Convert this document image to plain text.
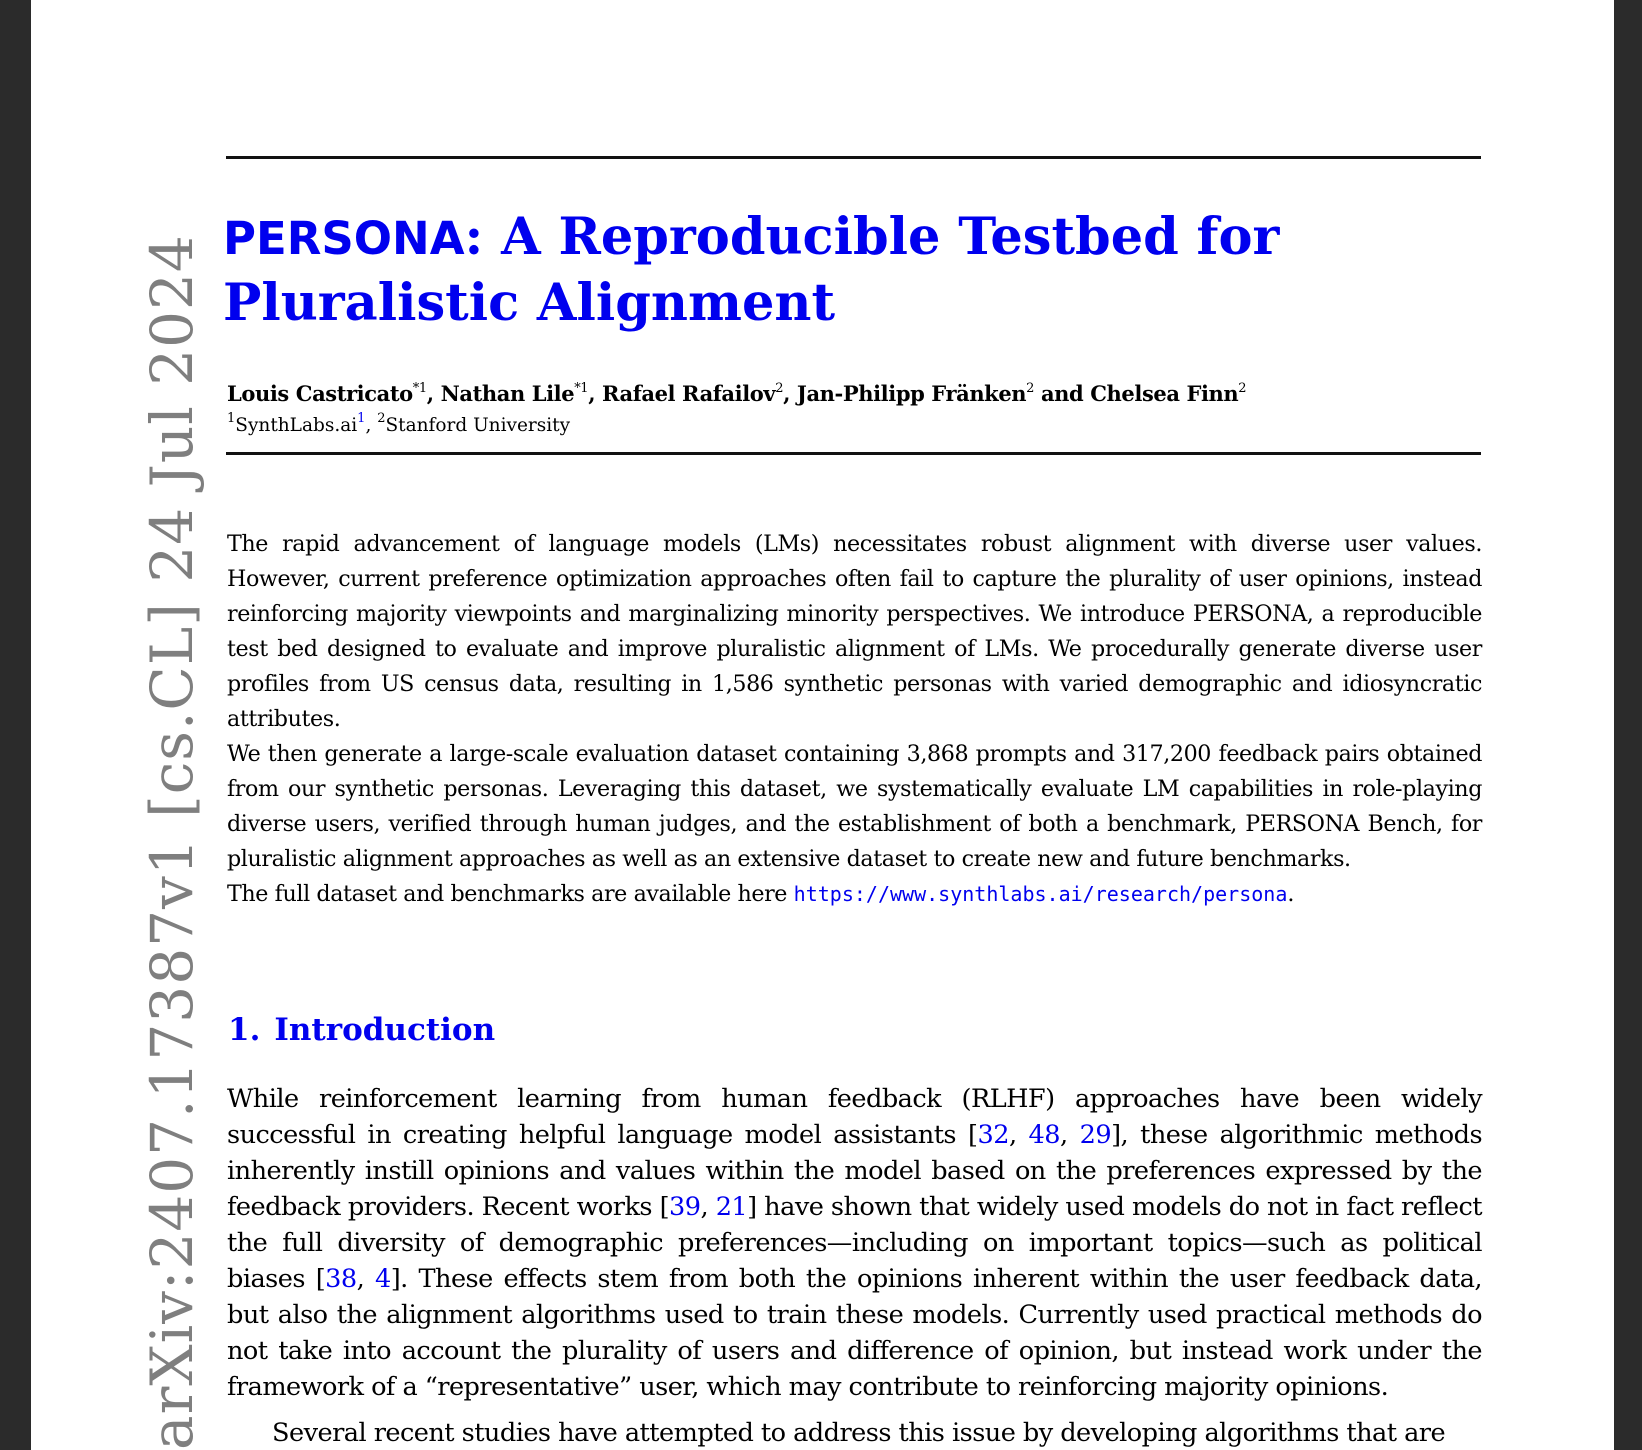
arXiv:2407.17387v1 [cs.CL] 24 Jul 2024 PERSONA: A Reproducible Testbed for Pluralistic Alignment
Louis Castricato$^{*1}$, Nathan Lile$^{*1}$, Rafael Rafailov$^2$, Jan-Philipp Fränken$^2$ and Chelsea Finn$^2$
$^1SynthLabs.ai^1$, $^2$Stanford University

The rapid advancement of language models (LMs) necessitates robust alignment with diverse user values. However, current preference optimization approaches often fail to capture the plurality of user opinions, instead reinforcing majority viewpoints and marginalizing minority perspectives. We introduce PERSONA, a reproducible test bed designed to evaluate and improve pluralistic alignment of LMs. We procedurally generate diverse user profiles from US census data, resulting in 1,586 synthetic personas with varied demographic and idiosyncratic attributes.

We then generate a large-scale evaluation dataset containing 3,868 prompts and 317,200 feedback pairs obtained from our synthetic personas. Leveraging this dataset, we systematically evaluate LM capabilities in role-playing diverse users, verified through human judges, and the establishment of both a benchmark, PERSONA Bench, for pluralistic alignment approaches as well as an extensive dataset to create new and future benchmarks.

The full dataset and benchmarks are available here https://www.synthlabs.ai/research/persona.

1. Introduction

While reinforcement learning from human feedback (RLHF) approaches have been widely successful in creating helpful language model assistants [32, 48, 29], these algorithmic methods inherently instill opinions and values within the model based on the preferences expressed by the feedback providers. Recent works [39, 21] have shown that widely used models do not in fact reflect the full diversity of demographic preferences—including on important topics—such as political biases [38, 4]. These effects stem from both the opinions inherent within the user feedback data, but also the alignment algorithms used to train these models. Currently used practical methods do not take into account the plurality of users and difference of opinion, but instead work under the framework of a “representative” user, which may contribute to reinforcing majority opinions.

Several recent studies have attempted to address this issue by developing algorithms that are
